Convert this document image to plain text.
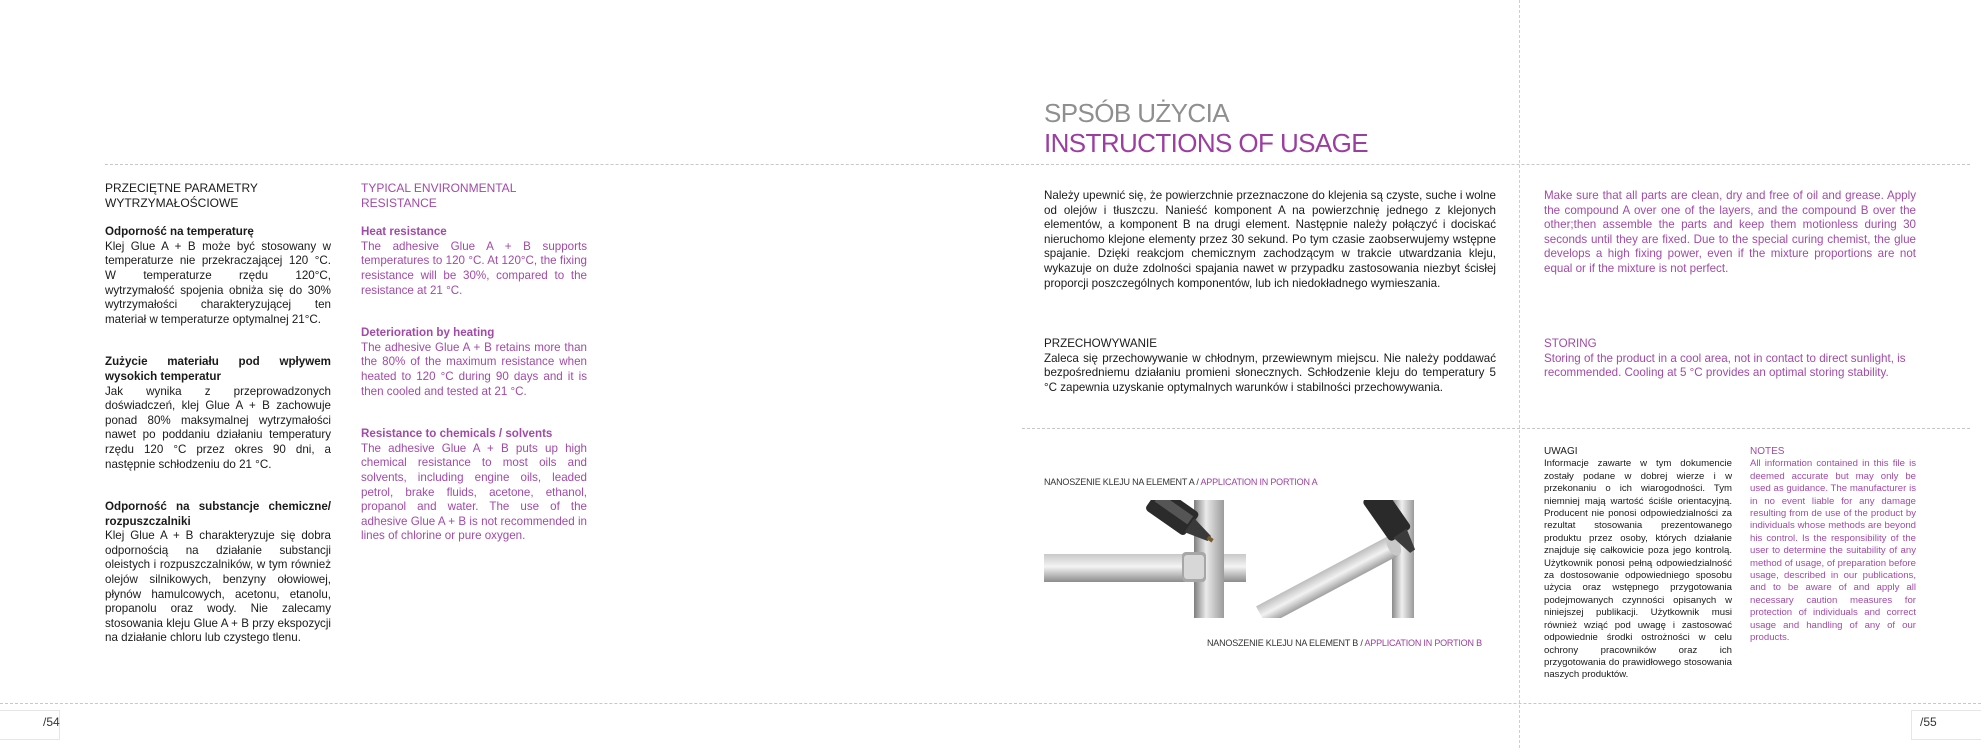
PRZECIĘTNE PARAMETRY
WYTRZYMAŁOŚCIOWE
Odporność na temperaturę
Klej Glue A + B może być stosowany w temperaturze nie przekraczającej 120 °C. W temperaturze rzędu 120°C, wytrzymałość spojenia obniża się do 30% wytrzymałości charakteryzującej ten materiał w temperaturze optymalnej 21°C.
Zużycie materiału pod wpływem wysokich temperatur
Jak wynika z przeprowadzonych doświadczeń, klej Glue A + B zachowuje ponad 80% maksymalnej wytrzymałości nawet po poddaniu działaniu temperatury rzędu 120 °C przez okres 90 dni, a następnie schłodzeniu do 21 °C.
Odporność na substancje chemiczne/ rozpuszczalniki
Klej Glue A + B charakteryzuje się dobra odpornością na działanie substancji oleistych i rozpuszczalników, w tym również olejów silnikowych, benzyny ołowiowej, płynów hamulcowych, acetonu, etanolu, propanolu oraz wody. Nie zalecamy stosowania kleju Glue A + B przy ekspozycji na działanie chloru lub czystego tlenu.
TYPICAL ENVIRONMENTAL
RESISTANCE
Heat resistance
The adhesive Glue A + B supports temperatures to 120 °C. At 120°C, the fixing resistance will be 30%, compared to the resistance at 21 °C.
Deterioration by heating
The adhesive Glue A + B retains more than the 80% of the maximum resistance when heated to 120 °C during 90 days and it is then cooled and tested at 21 °C.
Resistance to chemicals / solvents
The adhesive Glue A + B puts up high chemical resistance to most oils and solvents, including engine oils, leaded petrol, brake fluids, acetone, ethanol, propanol and water. The use of the adhesive Glue A + B is not recommended in lines of chlorine or pure oxygen.
/54
SPSÓB UŻYCIA
INSTRUCTIONS OF USAGE
Należy upewnić się, że powierzchnie przeznaczone do klejenia są czyste, suche i wolne od olejów i tłuszczu. Nanieść komponent A na powierzchnię jednego z klejonych elementów, a komponent B na drugi element. Następnie należy połączyć i dociskać nieruchomo klejone elementy przez 30 sekund. Po tym czasie zaobserwujemy wstępne spajanie. Dzięki reakcjom chemicznym zachodzącym w trakcie utwardzania kleju, wykazuje on duże zdolności spajania nawet w przypadku zastosowania niezbyt ścisłej proporcji poszczególnych komponentów, lub ich niedokładnego wymieszania.
Make sure that all parts are clean, dry and free of oil and grease. Apply the compound A over one of the layers, and the compound B over the other;then assemble the parts and keep them motionless during 30 seconds until they are fixed. Due to the special curing chemist, the glue develops a high fixing power, even if the mixture proportions are not equal or if the mixture is not perfect.
PRZECHOWYWANIE
Zaleca się przechowywanie w chłodnym, przewiewnym miejscu. Nie należy poddawać bezpośredniemu działaniu promieni słonecznych. Schłodzenie kleju do temperatury 5 °C zapewnia uzyskanie optymalnych warunków i stabilności przechowywania.
STORING
Storing of the product in a cool area, not in contact to direct sunlight, is recommended. Cooling at 5 °C provides an optimal storing stability.
NANOSZENIE KLEJU NA ELEMENT A / APPLICATION IN PORTION A
NANOSZENIE KLEJU NA ELEMENT B / APPLICATION IN PORTION B
UWAGI
Informacje zawarte w tym dokumencie zostały podane w dobrej wierze i w przekonaniu o ich wiarogodności. Tym niemniej mają wartość ściśle orientacyjną. Producent nie ponosi odpowiedzialności za rezultat stosowania prezentowanego produktu przez osoby, których działanie znajduje się całkowicie poza jego kontrolą. Użytkownik ponosi pełną odpowiedzialność za dostosowanie odpowiedniego sposobu użycia oraz wstępnego przygotowania podejmowanych czynności opisanych w niniejszej publikacji. Użytkownik musi również wziąć pod uwagę i zastosować odpowiednie środki ostrożności w celu ochrony pracowników oraz ich przygotowania do prawidłowego stosowania naszych produktów.
NOTES
All information contained in this file is deemed accurate but may only be used as guidance. The manufacturer is in no event liable for any damage resulting from de use of the product by individuals whose methods are beyond his control. Is the responsibility of the user to determine the suitability of any method of usage, of preparation before usage, described in our publications, and to be aware of and apply all necessary caution measures for protection of individuals and correct usage and handling of any of our products.
/55
